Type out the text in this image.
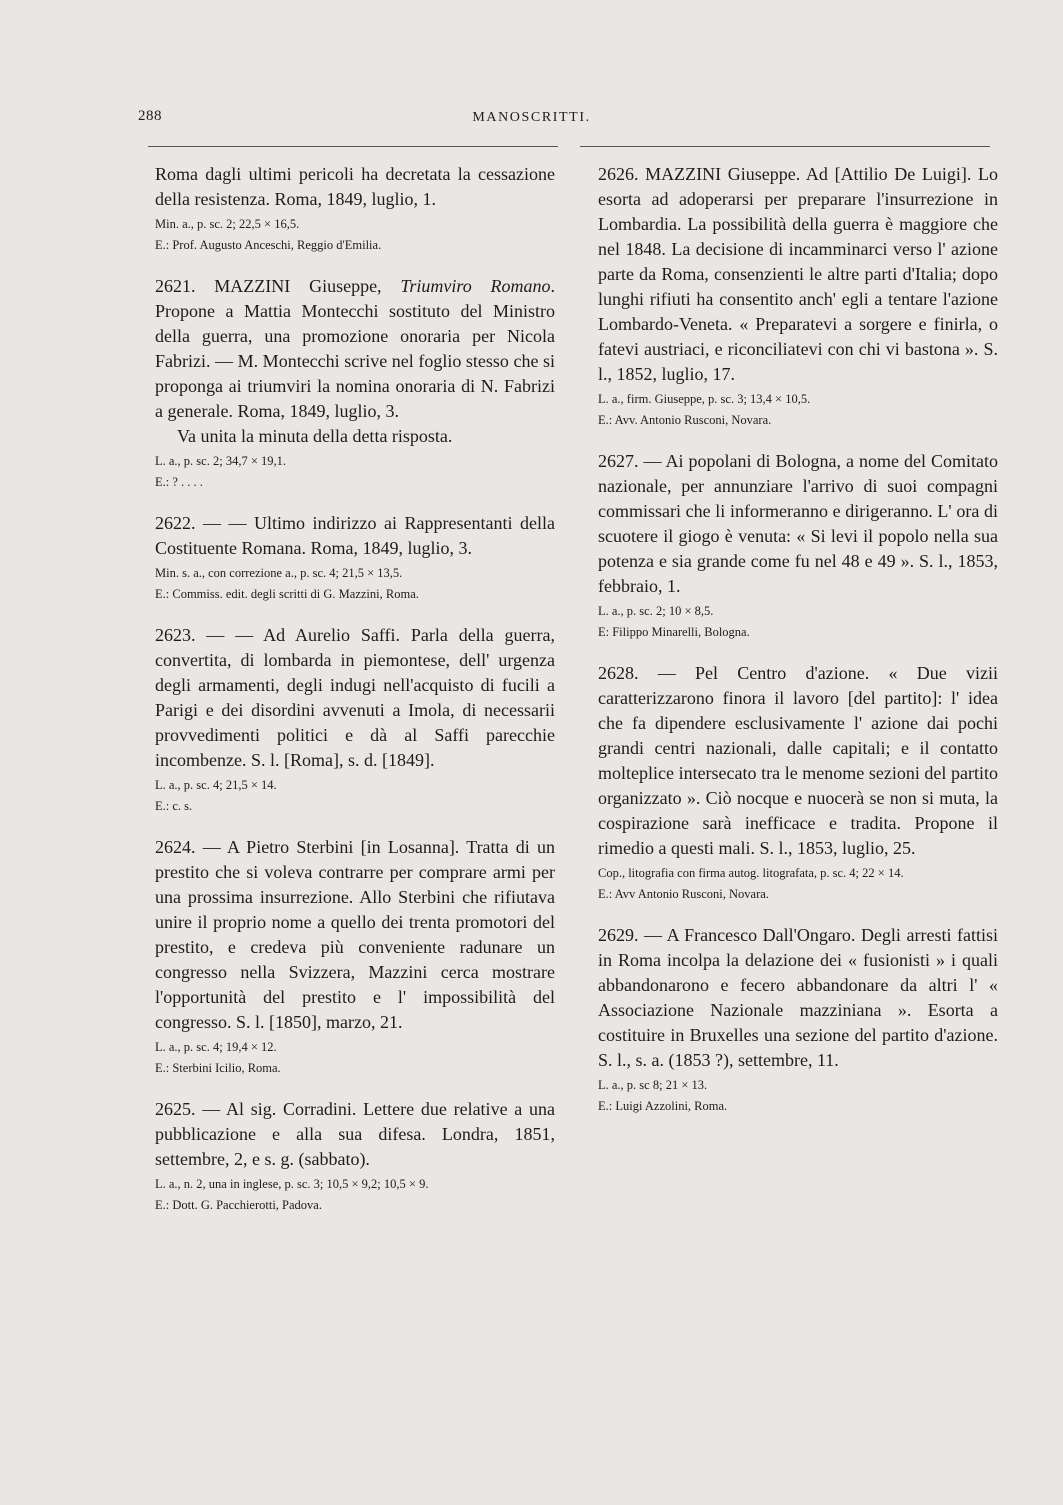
288	MANOSCRITTI.

Roma dagli ultimi pericoli ha decretata la cessazione della resistenza. Roma, 1849, luglio, 1.

Min. a., p. sc. 2; 22,5 × 16,5.

E.: Prof. Augusto Anceschi, Reggio d'Emilia.

2621. MAZZINI Giuseppe, Triumviro Romano. Propone a Mattia Montecchi sostituto del Ministro della guerra, una promozione onoraria per Nicola Fabrizi. — M. Montecchi scrive nel foglio stesso che si proponga ai triumviri la nomina onoraria di N. Fabrizi a generale. Roma, 1849, luglio, 3.

Va unita la minuta della detta risposta.

L. a., p. sc. 2; 34,7 × 19,1.

E.: ? . . . .

2622. — — Ultimo indirizzo ai Rappresentanti della Costituente Romana. Roma, 1849, luglio, 3.

Min. s. a., con correzione a., p. sc. 4; 21,5 × 13,5.

E.: Commiss. edit. degli scritti di G. Mazzini, Roma.

2623. — — Ad Aurelio Saffi. Parla della guerra, convertita, di lombarda in piemontese, dell' urgenza degli armamenti, degli indugi nell'acquisto di fucili a Parigi e dei disordini avvenuti a Imola, di necessarii provvedimenti politici e dà al Saffi parecchie incombenze. S. l. [Roma], s. d. [1849].

L. a., p. sc. 4; 21,5 × 14.

E.: c. s.

2624. — A Pietro Sterbini [in Losanna]. Tratta di un prestito che si voleva contrarre per comprare armi per una prossima insurrezione. Allo Sterbini che rifiutava unire il proprio nome a quello dei trenta promotori del prestito, e credeva più conveniente radunare un congresso nella Svizzera, Mazzini cerca mostrare l'opportunità del prestito e l' impossibilità del congresso. S. l. [1850], marzo, 21.

L. a., p. sc. 4; 19,4 × 12.

E.: Sterbini Icilio, Roma.

2625. — Al sig. Corradini. Lettere due relative a una pubblicazione e alla sua difesa. Londra, 1851, settembre, 2, e s. g. (sabbato).

L. a., n. 2, una in inglese, p. sc. 3; 10,5 × 9,2; 10,5 × 9.

E.: Dott. G. Pacchierotti, Padova.

2626. MAZZINI Giuseppe. Ad [Attilio De Luigi]. Lo esorta ad adoperarsi per preparare l'insurrezione in Lombardia. La possibilità della guerra è maggiore che nel 1848. La decisione di incamminarci verso l' azione parte da Roma, consenzienti le altre parti d'Italia; dopo lunghi rifiuti ha consentito anch' egli a tentare l'azione Lombardo-Veneta. « Preparatevi a sorgere e finirla, o fatevi austriaci, e riconciliatevi con chi vi bastona ». S. l., 1852, luglio, 17.

L. a., firm. Giuseppe, p. sc. 3; 13,4 × 10,5.

E.: Avv. Antonio Rusconi, Novara.

2627. — Ai popolani di Bologna, a nome del Comitato nazionale, per annunziare l'arrivo di suoi compagni commissari che li informeranno e dirigeranno. L' ora di scuotere il giogo è venuta: « Si levi il popolo nella sua potenza e sia grande come fu nel 48 e 49 ». S. l., 1853, febbraio, 1.

L. a., p. sc. 2; 10 × 8,5.

E: Filippo Minarelli, Bologna.

2628. — Pel Centro d'azione. « Due vizii caratterizzarono finora il lavoro [del partito]: l' idea che fa dipendere esclusivamente l' azione dai pochi grandi centri nazionali, dalle capitali; e il contatto molteplice intersecato tra le menome sezioni del partito organizzato ». Ciò nocque e nuocerà se non si muta, la cospirazione sarà inefficace e tradita. Propone il rimedio a questi mali. S. l., 1853, luglio, 25.

Cop., litografia con firma autog. litografata, p. sc. 4; 22 × 14.

E.: Avv Antonio Rusconi, Novara.

2629. — A Francesco Dall'Ongaro. Degli arresti fattisi in Roma incolpa la delazione dei « fusionisti » i quali abbandonarono e fecero abbandonare da altri l' « Associazione Nazionale mazziniana ». Esorta a costituire in Bruxelles una sezione del partito d'azione. S. l., s. a. (1853 ?), settembre, 11.

L. a., p. sc 8; 21 × 13.

E.: Luigi Azzolini, Roma.
